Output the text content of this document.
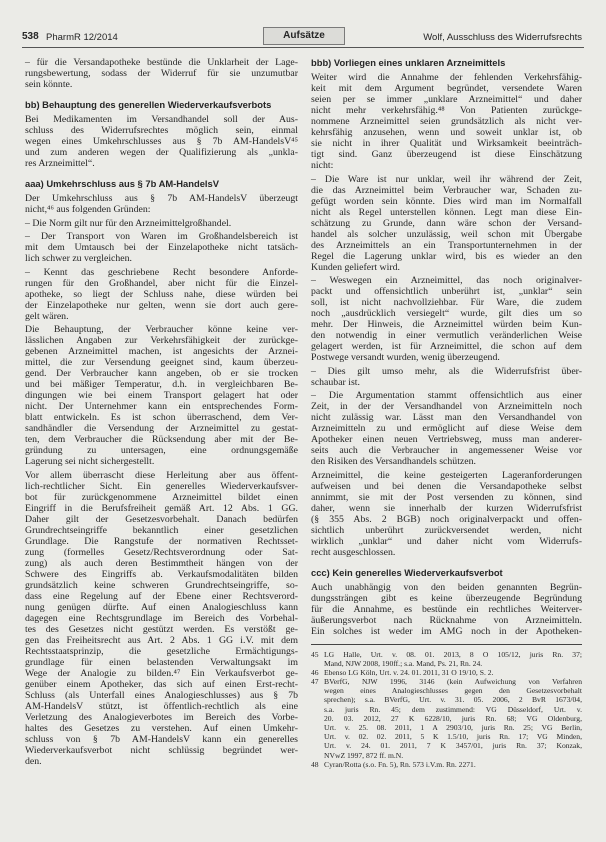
538 PharmR 12/2014	Aufsätze	Wolf, Ausschluss des Widerrufsrechts
– für die Versandapotheke bestünde die Unklarheit der Lage-
rungsbewertung, sodass der Widerruf für sie unzumutbar
sein könnte.
bb) Behauptung des generellen Wiederverkaufsverbots
Bei Medikamenten im Versandhandel soll der Aus-
schluss des Widerrufsrechtes möglich sein, einmal
wegen eines Umkehrschlusses aus § 7b AM-HandelsV⁴⁵
und zum anderen wegen der Qualifizierung als „unkla-
res Arzneimittel“.
aaa) Umkehrschluss aus § 7b AM-HandelsV
Der Umkehrschluss aus § 7b AM-HandelsV überzeugt
nicht,⁴⁶ aus folgenden Gründen:
– Die Norm gilt nur für den Arzneimittelgroßhandel.
– Der Transport von Waren im Großhandelsbereich ist
mit dem Umtausch bei der Einzelapotheke nicht tatsäch-
lich schwer zu vergleichen.
– Kennt das geschriebene Recht besondere Anforde-
rungen für den Großhandel, aber nicht für die Einzel-
apotheke, so liegt der Schluss nahe, diese würden bei
der Einzelapotheke nur gelten, wenn sie dort auch gere-
gelt wären.
Die Behauptung, der Verbraucher könne keine ver-
lässlichen Angaben zur Verkehrsfähigkeit der zurückge-
gebenen Arzneimittel machen, ist angesichts der Arznei-
mittel, die zur Versendung geeignet sind, kaum überzeu-
gend. Der Verbraucher kann angeben, ob er sie trocken
und bei mäßiger Temperatur, d.h. in vergleichbaren Be-
dingungen wie bei einem Transport gelagert hat oder
nicht. Der Unternehmer kann ein entsprechendes Form-
blatt entwickeln. Es ist schon überraschend, dem Ver-
sandhändler die Versendung der Arzneimittel zu gestat-
ten, dem Verbraucher die Rücksendung aber mit der Be-
gründung zu untersagen, eine ordnungsgemäße
Lagerung sei nicht sichergestellt.
Vor allem überrascht diese Herleitung aber aus öffent-
lich-rechtlicher Sicht. Ein generelles Wiederverkaufsver-
bot für zurückgenommene Arzneimittel bildet einen
Eingriff in die Berufsfreiheit gemäß Art. 12 Abs. 1 GG.
Daher gilt der Gesetzesvorbehalt. Danach bedürfen
Grundrechtseingriffe bekanntlich einer gesetzlichen
Grundlage. Die Rangstufe der normativen Rechtsset-
zung (formelles Gesetz/Rechtsverordnung oder Sat-
zung) als auch deren Bestimmtheit hängen von der
Schwere des Eingriffs ab. Verkaufsmodalitäten bilden
grundsätzlich keine schweren Grundrechtseingriffe, so-
dass eine Regelung auf der Ebene einer Rechtsverord-
nung genügen dürfte. Auf einen Analogieschluss kann
dagegen eine Rechtsgrundlage im Bereich des Vorbehal-
tes des Gesetzes nicht gestützt werden. Es verstößt ge-
gen das Freiheitsrecht aus Art. 2 Abs. 1 GG i.V. mit dem
Rechtsstaatsprinzip, die gesetzliche Ermächtigungs-
grundlage für einen belastenden Verwaltungsakt im
Wege der Analogie zu bilden.⁴⁷ Ein Verkaufsverbot ge-
genüber einem Apotheker, das sich auf einen Erst-recht-
Schluss (als Unterfall eines Analogieschlusses) aus § 7b
AM-HandelsV stützt, ist öffentlich-rechtlich als eine
Verletzung des Analogieverbotes im Bereich des Vorbe-
haltes des Gesetzes zu verstehen. Auf einen Umkehr-
schluss von § 7b AM-HandelsV kann ein generelles
Wiederverkaufsverbot nicht schlüssig begründet wer-
den.
bbb) Vorliegen eines unklaren Arzneimittels
Weiter wird die Annahme der fehlenden Verkehrsfähig-
keit mit dem Argument begründet, versendete Waren
seien per se immer „unklare Arzneimittel“ und daher
nicht mehr verkehrsfähig.⁴⁸ Von Patienten zurückge-
nommene Arzneimittel seien grundsätzlich als nicht ver-
kehrsfähig anzusehen, wenn und soweit unklar ist, ob
sie nicht in ihrer Qualität und Wirksamkeit beeinträch-
tigt sind. Ganz überzeugend ist diese Einschätzung
nicht:
– Die Ware ist nur unklar, weil ihr während der Zeit,
die das Arzneimittel beim Verbraucher war, Schaden zu-
gefügt worden sein könnte. Dies wird man im Normalfall
nicht als Regel unterstellen können. Legt man diese Ein-
schätzung zu Grunde, dann wäre schon der Versand-
handel als solcher unzulässig, weil schon mit Übergabe
des Arzneimittels an ein Transportunternehmen in der
Regel die Lagerung unklar wird, bis es wieder an den
Kunden geliefert wird.
– Weswegen ein Arzneimittel, das noch originalver-
packt und offensichtlich unberührt ist, „unklar“ sein
soll, ist nicht nachvollziehbar. Für Ware, die zudem
noch „ausdrücklich versiegelt“ wurde, gilt dies um so
mehr. Der Hinweis, die Arzneimittel würden beim Kun-
den notwendig in einer vermutlich veränderlichen Weise
gelagert werden, ist für Arzneimittel, die schon auf dem
Postwege versandt wurden, wenig überzeugend.
– Dies gilt umso mehr, als die Widerrufsfrist über-
schaubar ist.
– Die Argumentation stammt offensichtlich aus einer
Zeit, in der der Versandhandel von Arzneimitteln noch
nicht zulässig war. Lässt man den Versandhandel von
Arzneimitteln zu und ermöglicht auf diese Weise dem
Apotheker einen neuen Vertriebsweg, muss man anderer-
seits auch die Verbraucher in angemessener Weise vor
den Risiken des Versandhandels schützen.
Arzneimittel, die keine gesteigerten Lageranforderungen
aufweisen und bei denen die Versandapotheke selbst
annimmt, sie mit der Post versenden zu können, sind
daher, wenn sie innerhalb der kurzen Widerrufsfrist
(§ 355 Abs. 2 BGB) noch originalverpackt und offen-
sichtlich unberührt zurückversendet werden, nicht
wirklich „unklar“ und daher nicht vom Widerrufs-
recht ausgeschlossen.
ccc) Kein generelles Wiederverkaufsverbot
Auch unabhängig von den beiden genannten Begrün-
dungssträngen gibt es keine überzeugende Begründung
für die Annahme, es bestünde ein rechtliches Weiterver-
äußerungsverbot nach Rücknahme von Arzneimitteln.
Ein solches ist weder im AMG noch in der Apotheken-
45 LG Halle, Urt. v. 08. 01. 2013, 8 O 105/12, juris Rn. 37;
Mand, NJW 2008, 190ff.; s.a. Mand, Ps. 21, Rn. 24.
46 Ebenso LG Köln, Urt. v. 24. 01. 2011, 31 O 19/10, S. 2.
47 BVerfG, NJW 1996, 3146 (kein Aufweichung von Verfahren
wegen eines Analogieschlusses gegen den Gesetzesvorbehalt
sprechen); s.a. BVerfG, Urt. v. 31. 05. 2006, 2 BvR 1673/04,
s.a. juris Rn. 45; dem zustimmend: VG Düsseldorf, Urt. v.
20. 03. 2012, 27 K 6228/10, juris Rn. 68; VG Oldenburg,
Urt. v. 25. 08. 2011, 1 A 2903/10, juris Rn. 25; VG Berlin,
Urt. v. 02. 02. 2011, 5 K 1.5/10, juris Rn. 17; VG Minden,
Urt. v. 24. 01. 2011, 7 K 3457/01, juris Rn. 37; Konzak,
NVwZ 1997, 872 ff. m.N.
48 Cyran/Rotta (s.o. Fn. 5), Rn. 573 i.V.m. Rn. 2271.
